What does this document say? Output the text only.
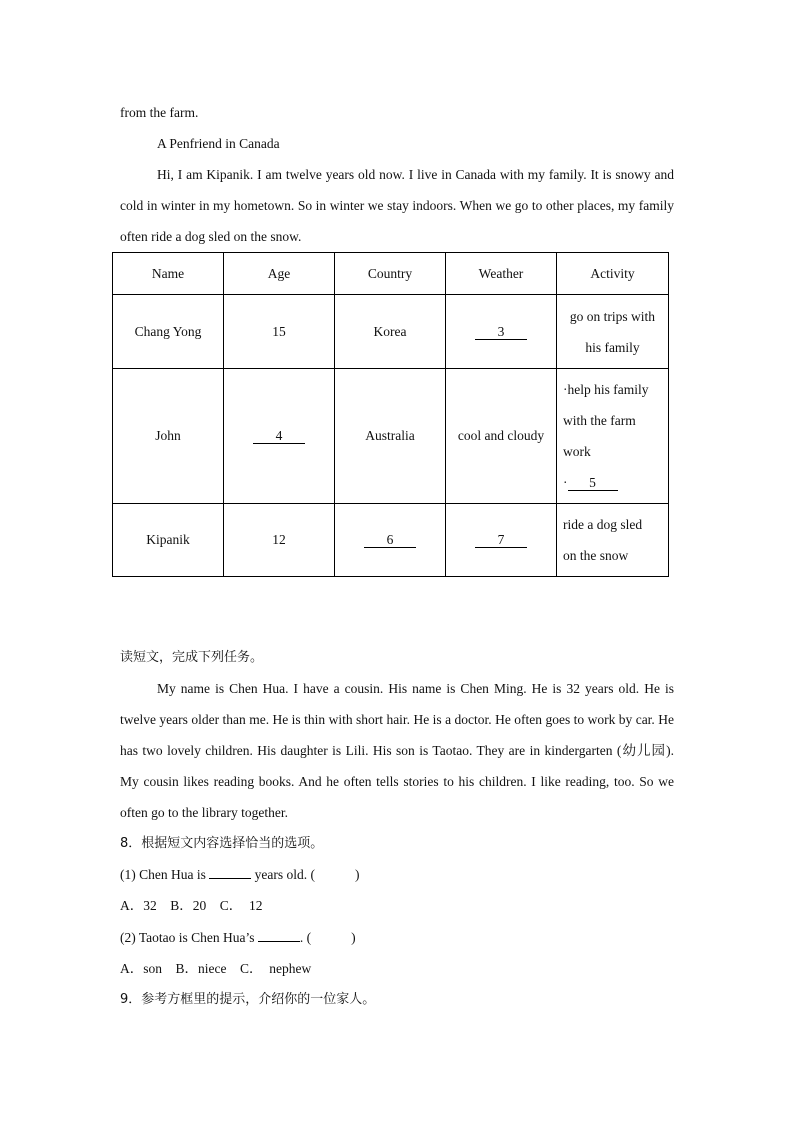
from the farm.
A Penfriend in Canada
Hi, I am Kipanik. I am twelve years old now. I live in Canada with my family. It is snowy and cold in winter in my hometown. So in winter we stay indoors. When we go to other places, my family often ride a dog sled on the snow.
Name	Age	Country	Weather	Activity
Chang Yong	15	Korea	3	go on trips with
his family

John	4	Australia	cool and cloudy	·help his family
with the farm
work
· 5

Kipanik	12	6	7	ride a dog sled
on the snow
读短文，完成下列任务。
My name is Chen Hua. I have a cousin. His name is Chen Ming. He is 32 years old. He is twelve years older than me. He is thin with short hair. He is a doctor. He often goes to work by car. He has two lovely children. His daughter is Lili. His son is Taotao. They are in kindergarten (幼儿园). My cousin likes reading books. And he often tells stories to his children. I like reading, too. So we often go to the library together.
8．根据短文内容选择恰当的选项。
(1) Chen Hua is	years old. (	)
A．32　B．20　C．　12
(2) Taotao is Chen Hua’s	. (	)
A．son　B．niece　C．　nephew
9．参考方框里的提示，介绍你的一位家人。
